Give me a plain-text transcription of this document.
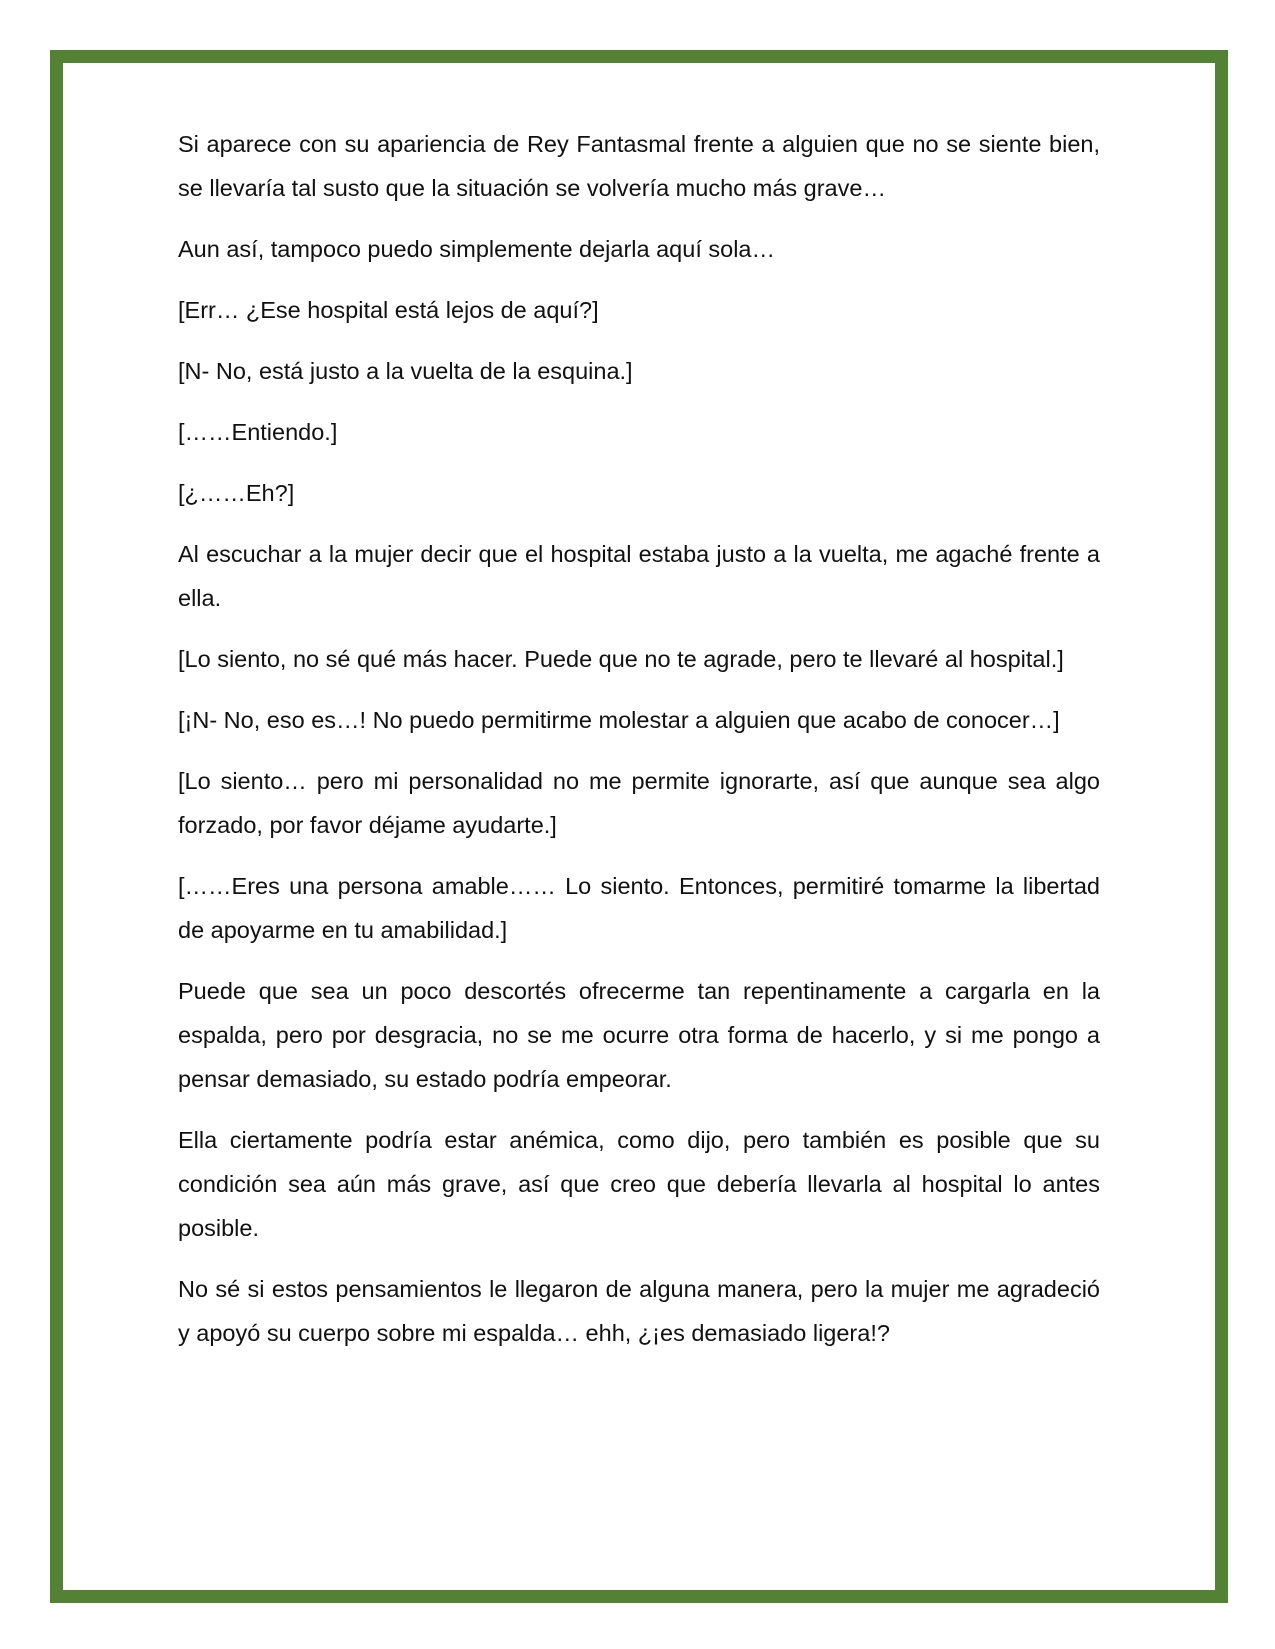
Si aparece con su apariencia de Rey Fantasmal frente a alguien que no se siente bien, se llevaría tal susto que la situación se volvería mucho más grave…

Aun así, tampoco puedo simplemente dejarla aquí sola…

[Err… ¿Ese hospital está lejos de aquí?]

[N- No, está justo a la vuelta de la esquina.]

[……Entiendo.]

[¿……Eh?]

Al escuchar a la mujer decir que el hospital estaba justo a la vuelta, me agaché frente a ella.

[Lo siento, no sé qué más hacer. Puede que no te agrade, pero te llevaré al hospital.]

[¡N- No, eso es…! No puedo permitirme molestar a alguien que acabo de conocer…]

[Lo siento… pero mi personalidad no me permite ignorarte, así que aunque sea algo forzado, por favor déjame ayudarte.]

[……Eres una persona amable…… Lo siento. Entonces, permitiré tomarme la libertad de apoyarme en tu amabilidad.]

Puede que sea un poco descortés ofrecerme tan repentinamente a cargarla en la espalda, pero por desgracia, no se me ocurre otra forma de hacerlo, y si me pongo a pensar demasiado, su estado podría empeorar.

Ella ciertamente podría estar anémica, como dijo, pero también es posible que su condición sea aún más grave, así que creo que debería llevarla al hospital lo antes posible.

No sé si estos pensamientos le llegaron de alguna manera, pero la mujer me agradeció y apoyó su cuerpo sobre mi espalda… ehh, ¿¡es demasiado ligera!?
